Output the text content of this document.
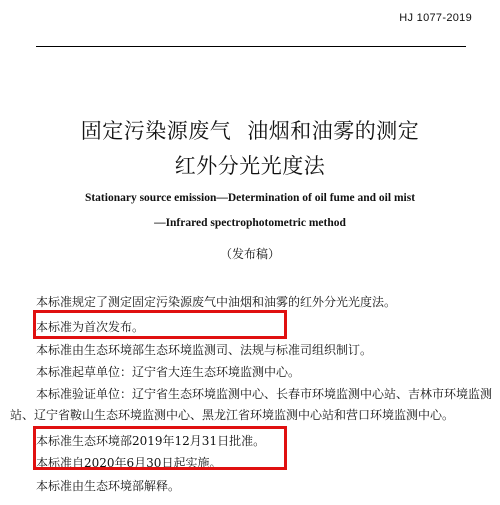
HJ 1077-2019
固定污染源废气 油烟和油雾的测定
红外分光光度法
Stationary source emission—Determination of oil fume and oil mist
—Infrared spectrophotometric method
（发布稿）
本标准规定了测定固定污染源废气中油烟和油雾的红外分光光度法。
本标准为首次发布。
本标准由生态环境部生态环境监测司、法规与标准司组织制订。
本标准起草单位：辽宁省大连生态环境监测中心。
本标准验证单位：辽宁省生态环境监测中心、长春市环境监测中心站、吉林市环境监测
站、辽宁省鞍山生态环境监测中心、黑龙江省环境监测中心站和营口环境监测中心。
本标准生态环境部2019年12月31日批准。
本标准自2020年6月30日起实施。
本标准由生态环境部解释。
